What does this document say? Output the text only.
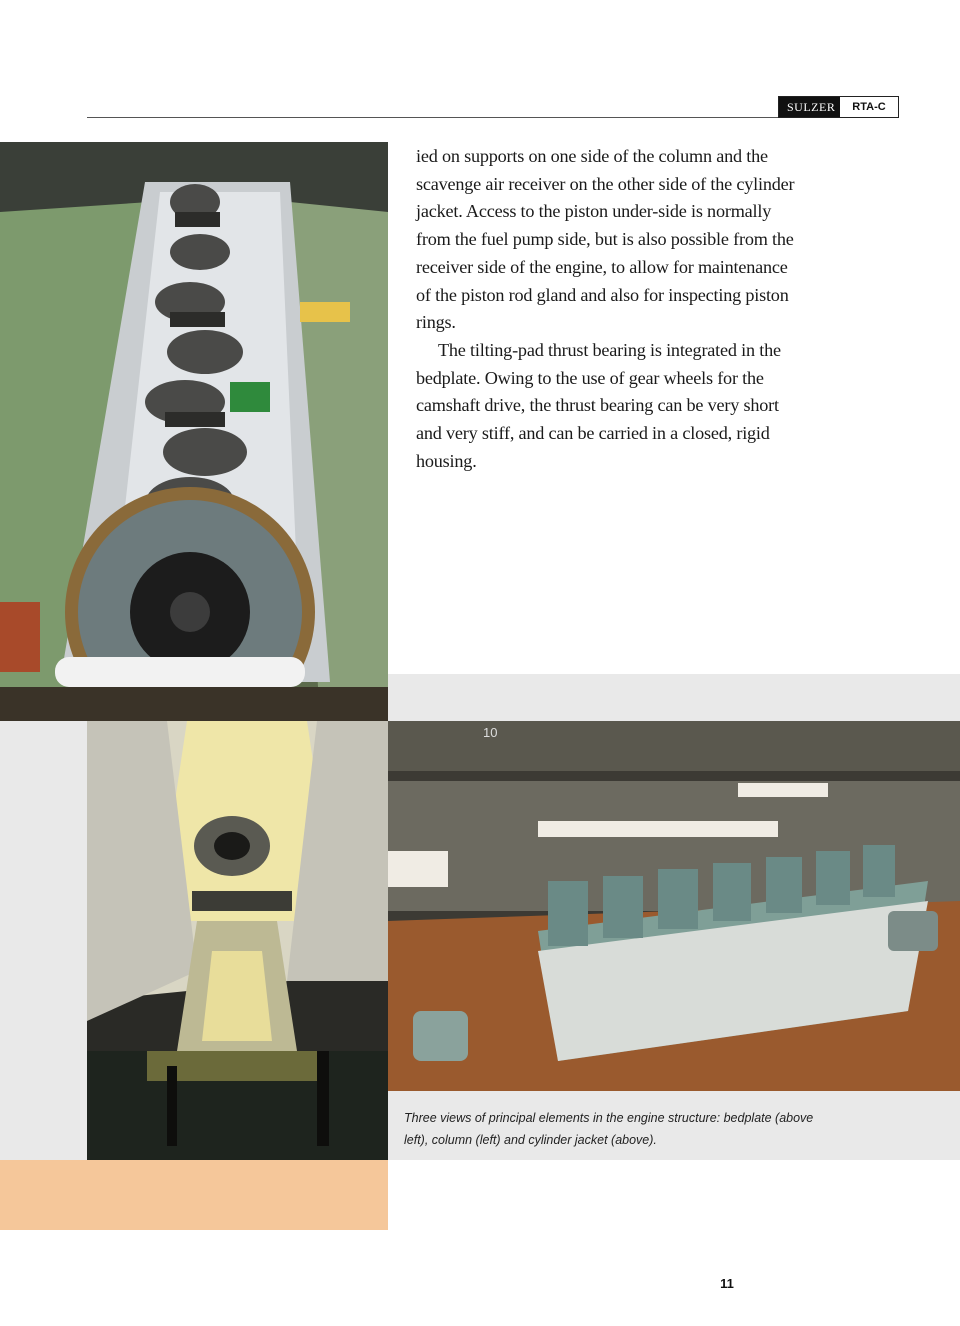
SULZER	RTA-C

ied on supports on one side of the column and the scavenge air receiver on the other side of the cylinder jacket. Access to the piston under-side is normally from the fuel pump side, but is also possible from the receiver side of the engine, to allow for maintenance of the piston rod gland and also for inspecting piston rings.

The tilting-pad thrust bearing is integrated in the bedplate. Owing to the use of gear wheels for the camshaft drive, the thrust bearing can be very short and very stiff, and can be carried in a closed, rigid housing.

10

Three views of principal elements in the engine structure: bedplate (above left), column (left) and cylinder jacket (above).

11
